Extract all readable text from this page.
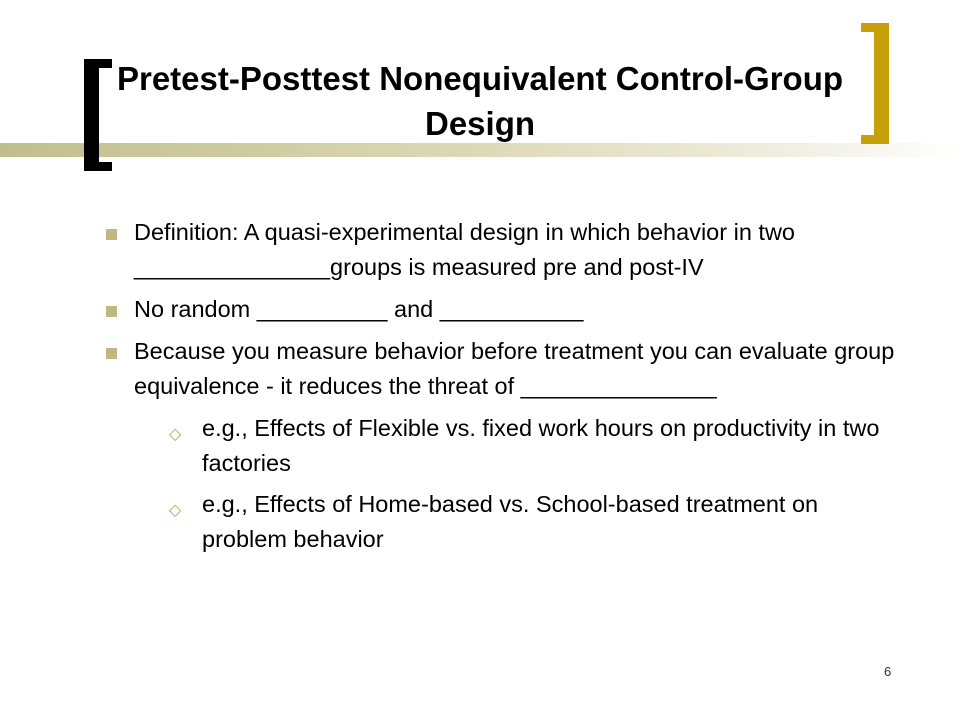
Pretest-Posttest Nonequivalent Control-Group Design
Definition: A quasi-experimental design in which behavior in two _______________groups is measured pre and post-IV
No random __________ and ___________
Because you measure behavior before treatment you can evaluate group equivalence - it reduces the threat of _______________
◇ e.g., Effects of Flexible vs. fixed work hours on productivity in two factories
◇ e.g., Effects of Home-based vs. School-based treatment on problem behavior
6
